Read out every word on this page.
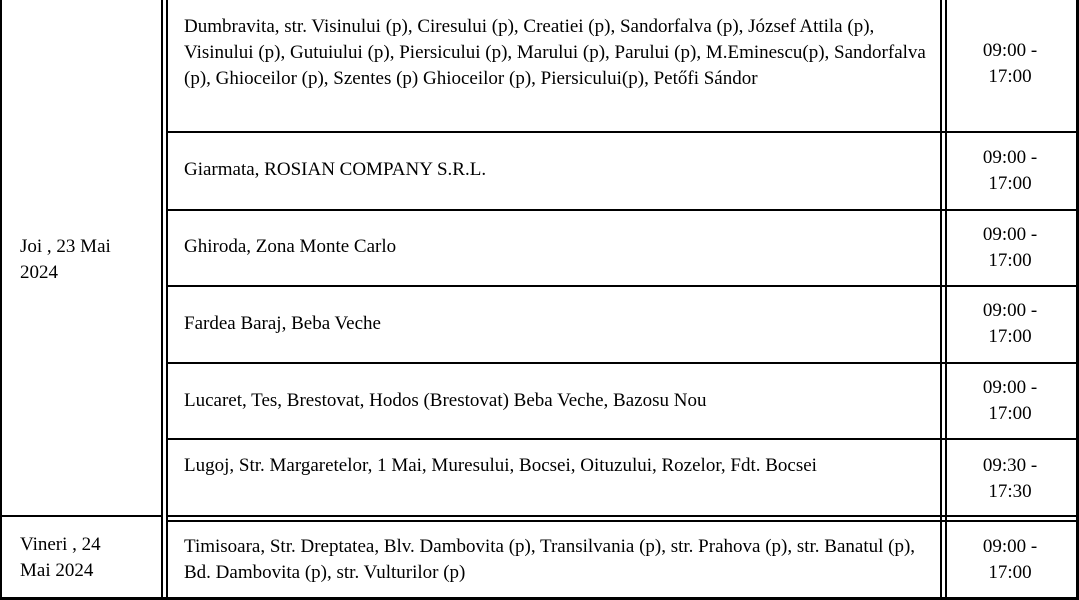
Joi , 23 Mai
2024
Vineri , 24
Mai 2024
Dumbravita, str. Visinului (p), Ciresului (p), Creatiei (p), Sandorfalva (p), József Attila (p), Visinului (p), Gutuiului (p), Piersicului (p), Marului (p), Parului (p), M.Eminescu(p), Sandorfalva (p), Ghioceilor (p), Szentes (p) Ghioceilor (p), Piersicului(p), Petőfi Sándor
09:00 -
17:00
Giarmata, ROSIAN COMPANY S.R.L.
09:00 -
17:00
Ghiroda, Zona Monte Carlo
09:00 -
17:00
Fardea Baraj, Beba Veche
09:00 -
17:00
Lucaret, Tes, Brestovat, Hodos (Brestovat) Beba Veche, Bazosu Nou
09:00 -
17:00
Lugoj, Str. Margaretelor, 1 Mai, Muresului, Bocsei, Oituzului, Rozelor, Fdt. Bocsei	09:30 -
17:30
Timisoara, Str. Dreptatea, Blv. Dambovita (p), Transilvania (p), str. Prahova (p), str. Banatul (p), Bd. Dambovita (p), str. Vulturilor (p)
09:00 -
17:00
